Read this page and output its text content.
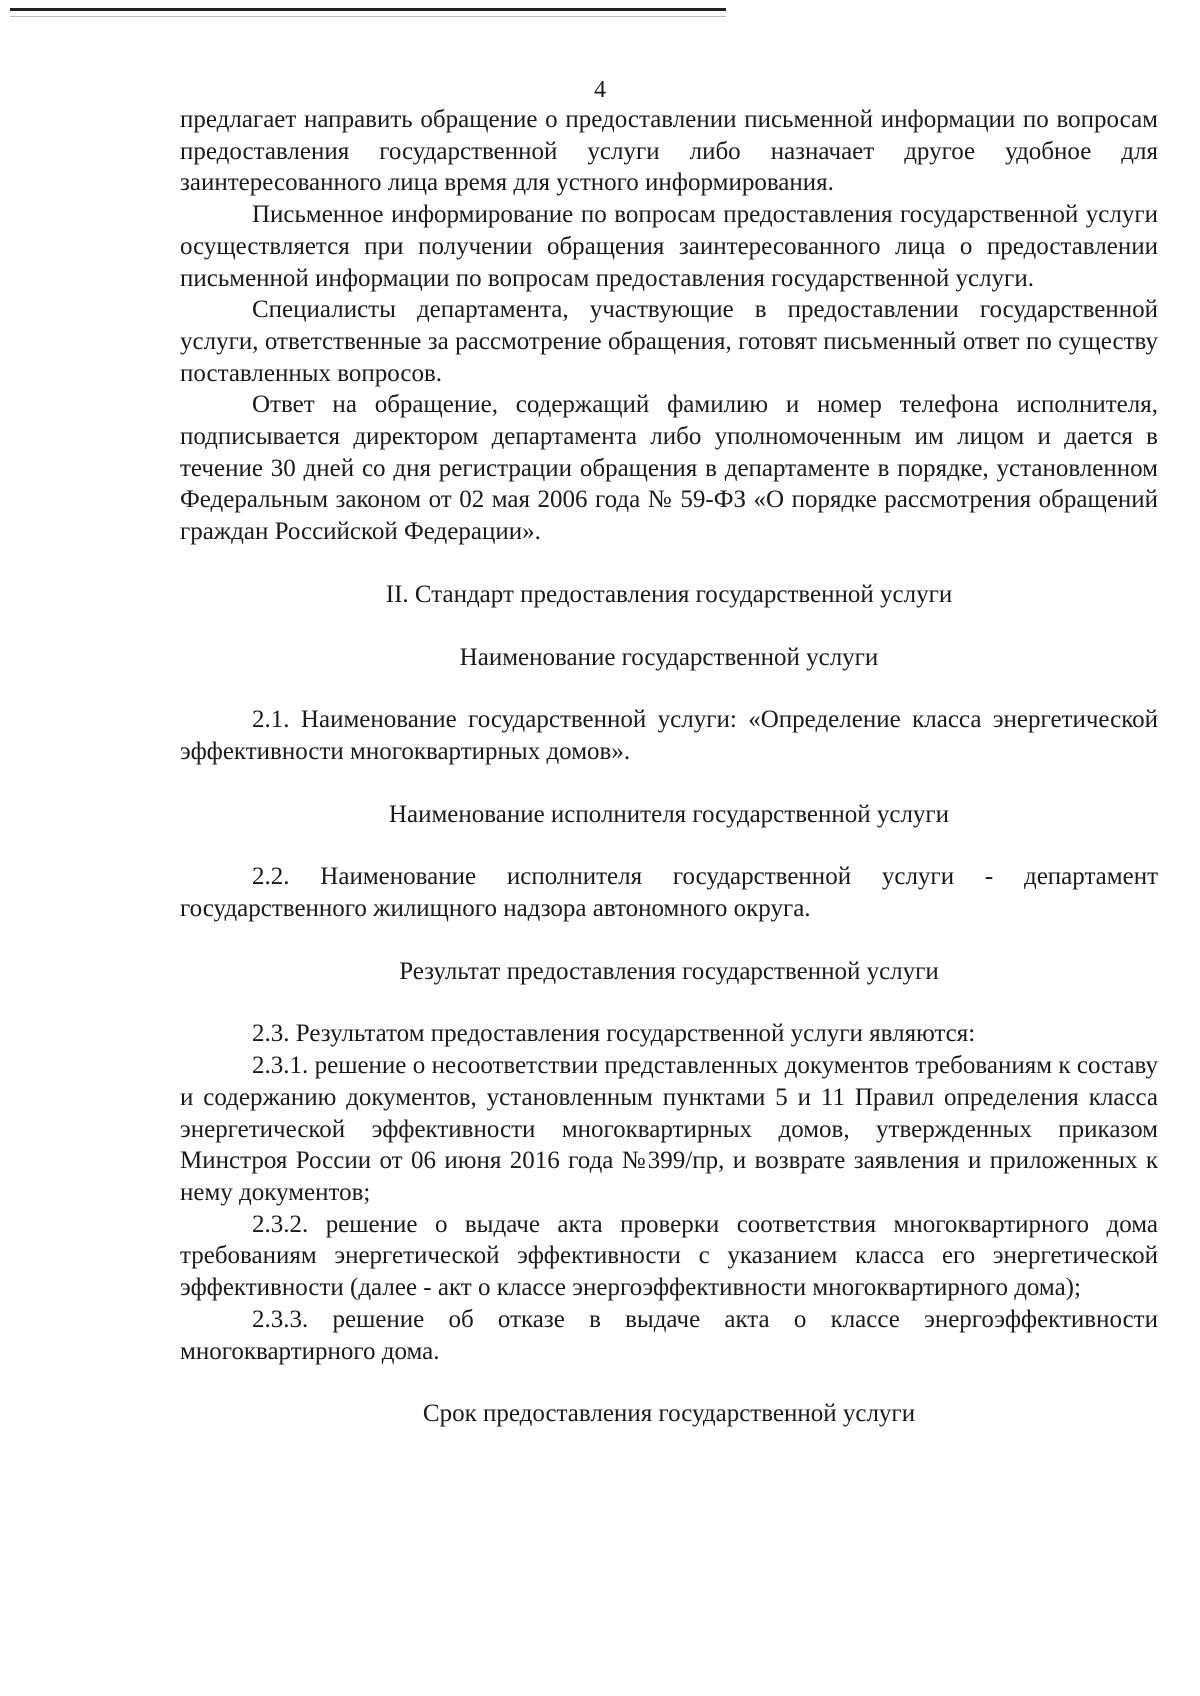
4

предлагает направить обращение о предоставлении письменной информации по вопросам предоставления государственной услуги либо назначает другое удобное для заинтересованного лица время для устного информирования.

Письменное информирование по вопросам предоставления государственной услуги осуществляется при получении обращения заинтересованного лица о предоставлении письменной информации по вопросам предоставления государственной услуги.

Специалисты департамента, участвующие в предоставлении государственной услуги, ответственные за рассмотрение обращения, готовят письменный ответ по существу поставленных вопросов.

Ответ на обращение, содержащий фамилию и номер телефона исполнителя, подписывается директором департамента либо уполномоченным им лицом и дается в течение 30 дней со дня регистрации обращения в департаменте в порядке, установленном Федеральным законом от 02 мая 2006 года № 59-ФЗ «О порядке рассмотрения обращений граждан Российской Федерации».

II. Стандарт предоставления государственной услуги

Наименование государственной услуги

2.1. Наименование государственной услуги: «Определение класса энергетической эффективности многоквартирных домов».

Наименование исполнителя государственной услуги

2.2. Наименование исполнителя государственной услуги - департамент государственного жилищного надзора автономного округа.

Результат предоставления государственной услуги

2.3. Результатом предоставления государственной услуги являются:

2.3.1. решение о несоответствии представленных документов требованиям к составу и содержанию документов, установленным пунктами 5 и 11 Правил определения класса энергетической эффективности многоквартирных домов, утвержденных приказом Минстроя России от 06 июня 2016 года №399/пр, и возврате заявления и приложенных к нему документов;

2.3.2. решение о выдаче акта проверки соответствия многоквартирного дома требованиям энергетической эффективности с указанием класса его энергетической эффективности (далее - акт о классе энергоэффективности многоквартирного дома);

2.3.3. решение об отказе в выдаче акта о классе энергоэффективности многоквартирного дома.

Срок предоставления государственной услуги
